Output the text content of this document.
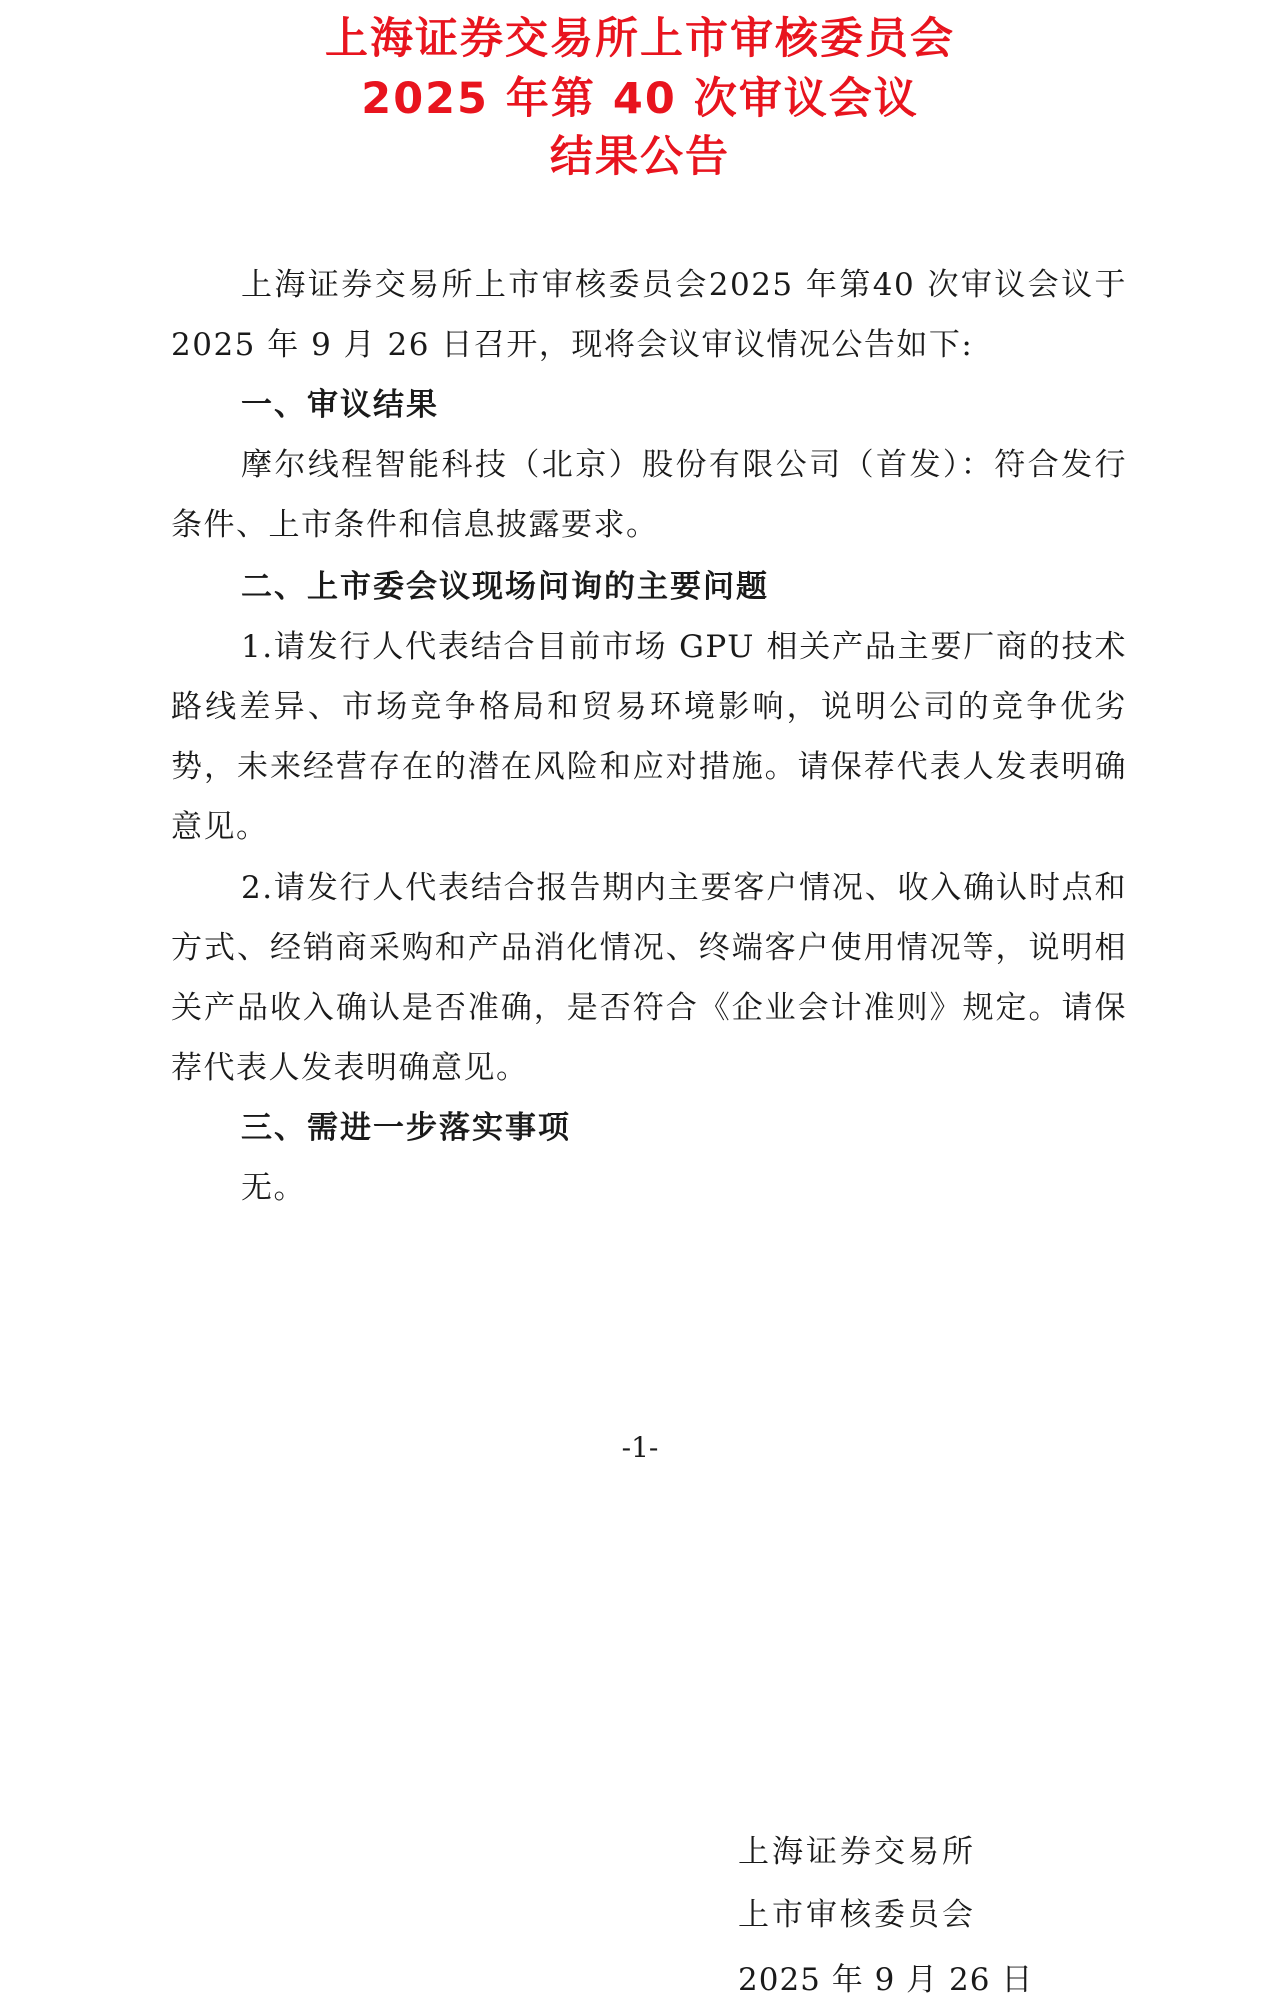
上海证券交易所上市审核委员会
2025 年第 40 次审议会议
结果公告
上海证券交易所上市审核委员会2025 年第40 次审议会议于2025 年 9 月 26 日召开，现将会议审议情况公告如下:
一、审议结果
摩尔线程智能科技（北京）股份有限公司（首发）：符合发行条件、上市条件和信息披露要求。
二、上市委会议现场问询的主要问题
1.请发行人代表结合目前市场 GPU 相关产品主要厂商的技术路线差异、市场竞争格局和贸易环境影响，说明公司的竞争优劣势，未来经营存在的潜在风险和应对措施。请保荐代表人发表明确意见。
2.请发行人代表结合报告期内主要客户情况、收入确认时点和方式、经销商采购和产品消化情况、终端客户使用情况等，说明相关产品收入确认是否准确，是否符合《企业会计准则》规定。请保荐代表人发表明确意见。
三、需进一步落实事项
无。
-1-
上海证券交易所
上市审核委员会
2025 年 9 月 26 日
